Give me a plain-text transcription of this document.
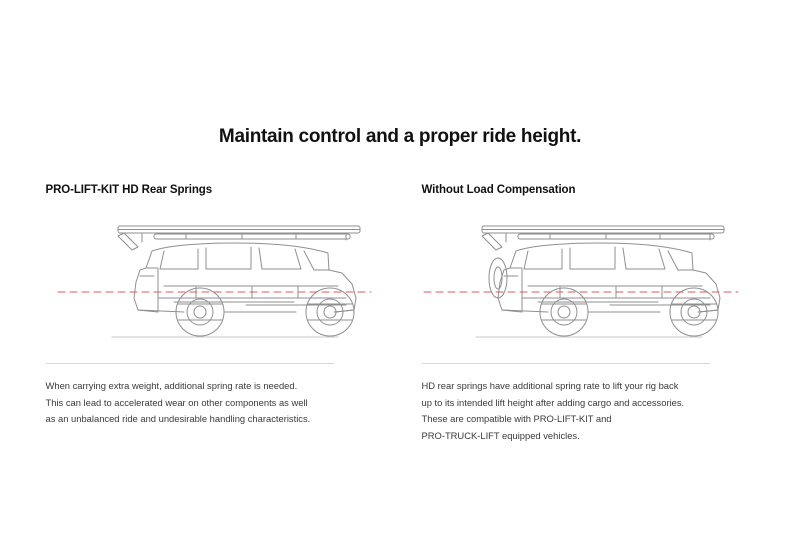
Maintain control and a proper ride height.
PRO-LIFT-KIT HD Rear Springs
When carrying extra weight, additional spring rate is needed.
This can lead to accelerated wear on other components as well
as an unbalanced ride and undesirable handling characteristics.
Without Load Compensation
HD rear springs have additional spring rate to lift your rig back
up to its intended lift height after adding cargo and accessories.
These are compatible with PRO-LIFT-KIT and
PRO-TRUCK-LIFT equipped vehicles.
